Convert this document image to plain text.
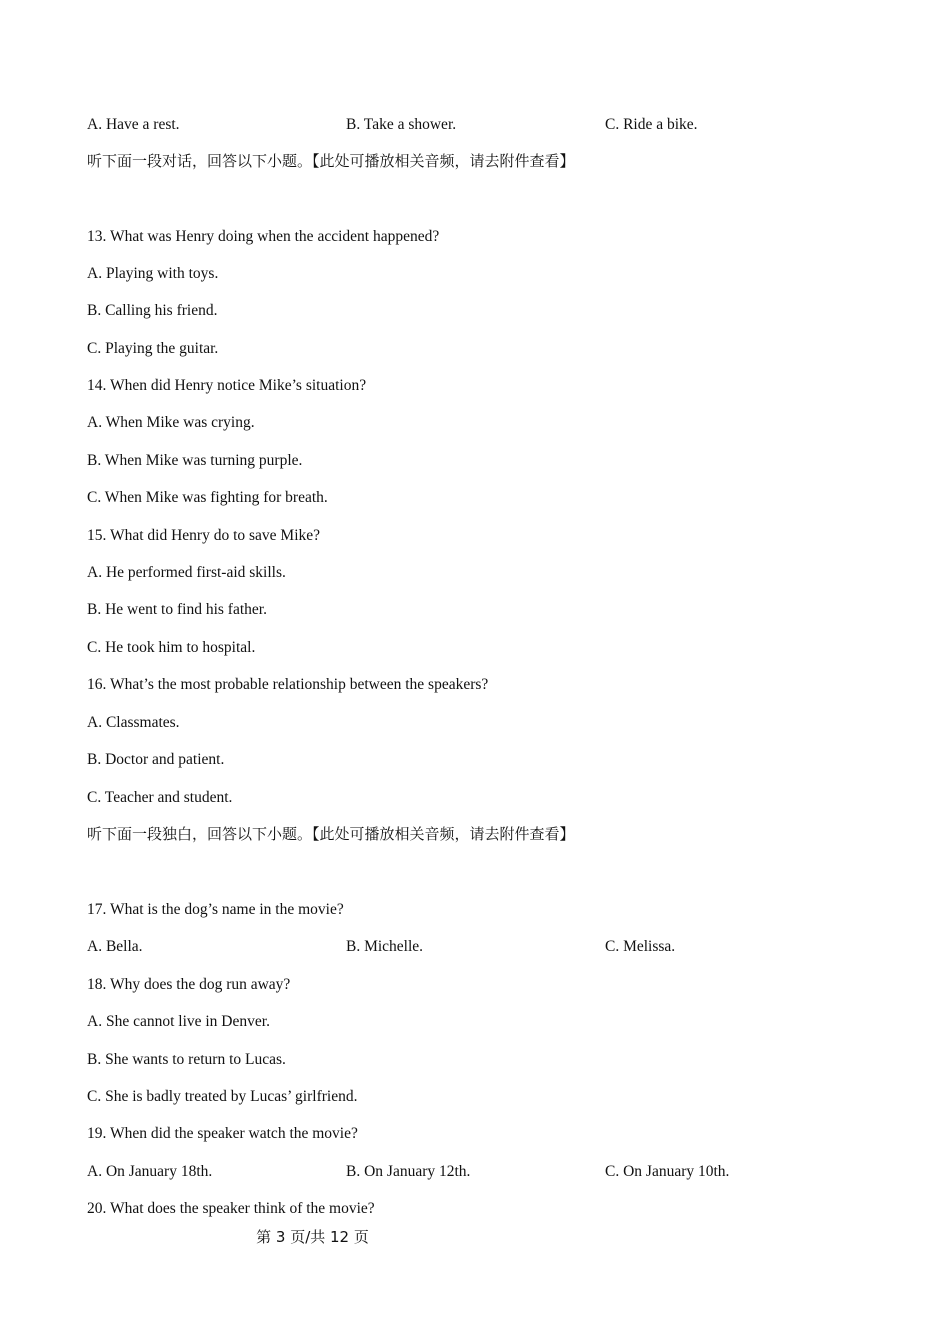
A. Have a rest.	B. Take a shower.	C. Ride a bike.
听下面一段对话，回答以下小题。【此处可播放相关音频，请去附件查看】
13. What was Henry doing when the accident happened?
A. Playing with toys.
B. Calling his friend.
C. Playing the guitar.
14. When did Henry notice Mike’s situation?
A. When Mike was crying.
B. When Mike was turning purple.
C. When Mike was fighting for breath.
15. What did Henry do to save Mike?
A. He performed first-aid skills.
B. He went to find his father.
C. He took him to hospital.
16. What’s the most probable relationship between the speakers?
A. Classmates.
B. Doctor and patient.
C. Teacher and student.
听下面一段独白，回答以下小题。【此处可播放相关音频，请去附件查看】
17. What is the dog’s name in the movie?
A. Bella.	B. Michelle.	C. Melissa.
18. Why does the dog run away?
A. She cannot live in Denver.
B. She wants to return to Lucas.
C. She is badly treated by Lucas’ girlfriend.
19. When did the speaker watch the movie?
A. On January 18th.	B. On January 12th.	C. On January 10th.
20. What does the speaker think of the movie?
第 3 页/共 12 页
